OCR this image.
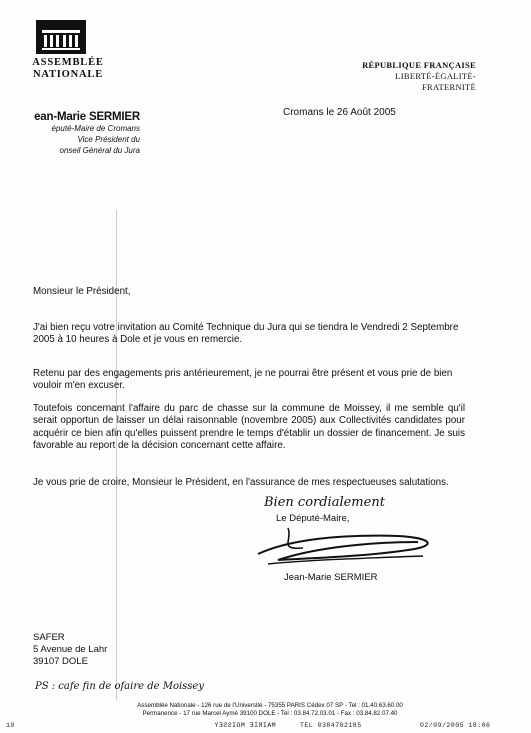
ASSEMBLÉE
NATIONALE
RÉPUBLIQUE FRANÇAISE
LIBERTÉ-ÉGALITÉ-FRATERNITÉ
ean-Marie SERMIER
éputé-Maire de Cromans
Vice Président du
onseil Général du Jura
Cromans le 26 Août 2005
Monsieur le Président,
J'ai bien reçu votre invitation au Comité Technique du Jura qui se tiendra le Vendredi 2 Septembre 2005 à 10 heures à Dole et je vous en remercie.
Retenu par des engagements pris antérieurement, je ne pourrai être présent et vous prie de bien vouloir m'en excuser.
Toutefois concernant l'affaire du parc de chasse sur la commune de Moissey, il me semble qu'il serait opportun de laisser un délai raisonnable (novembre 2005) aux Collectivités candidates pour acquérir ce bien afin qu'elles puissent prendre le temps d'établir un dossier de financement. Je suis favorable au report de la décision concernant cette affaire.
Je vous prie de croire, Monsieur le Président, en l'assurance de mes respectueuses salutations.
Bien cordialement
Le Député-Maire,
Jean-Marie SERMIER
SAFER
5 Avenue de Lahr
39107 DOLE
PS : cafe fin de ofaire de Moissey
Assemblée Nationale - 126 rue de l'Université - 75355 PARIS Cédex 07 SP - Tel : 01.40.63.60.00
Permanence - 17 rue Marcel Aymé 39100 DOLE - Tel : 03.84.72.03.01 - Fax : 03.84.82.07.40
10	MAIRIE MOISSEY	TEL 0384702185	02/09/2005 18:06
